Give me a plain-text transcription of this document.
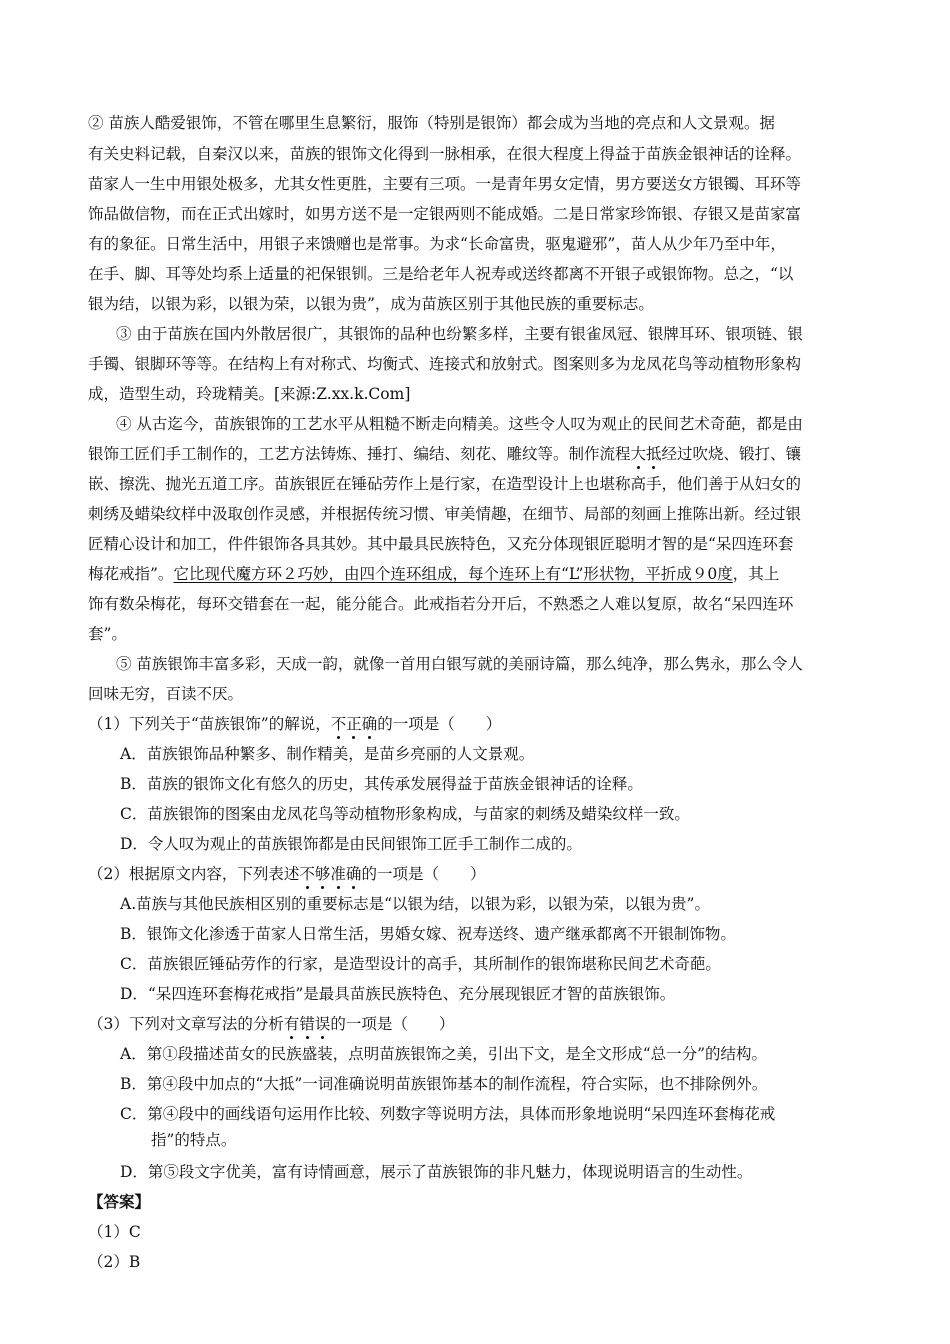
② 苗族人酷爱银饰，不管在哪里生息繁衍，服饰（特别是银饰）都会成为当地的亮点和人文景观。据
有关史料记载，自秦汉以来，苗族的银饰文化得到一脉相承，在很大程度上得益于苗族金银神话的诠释。
苗家人一生中用银处极多，尤其女性更胜，主要有三项。一是青年男女定情，男方要送女方银镯、耳环等
饰品做信物，而在正式出嫁时，如男方送不是一定银两则不能成婚。二是日常家珍饰银、存银又是苗家富
有的象征。日常生活中，用银子来馈赠也是常事。为求“长命富贵，驱鬼避邪”，苗人从少年乃至中年，
在手、脚、耳等处均系上适量的祀保银钏。三是给老年人祝寿或送终都离不开银子或银饰物。总之，“以
银为结，以银为彩，以银为荣，以银为贵”，成为苗族区别于其他民族的重要标志。
③ 由于苗族在国内外散居很广，其银饰的品种也纷繁多样，主要有银雀凤冠、银牌耳环、银项链、银
手镯、银脚环等等。在结构上有对称式、均衡式、连接式和放射式。图案则多为龙凤花鸟等动植物形象构
成，造型生动，玲珑精美。[来源:Z.xx.k.Com]
④ 从古迄今，苗族银饰的工艺水平从粗糙不断走向精美。这些令人叹为观止的民间艺术奇葩，都是由
银饰工匠们手工制作的，工艺方法铸炼、捶打、编结、刻花、雕纹等。制作流程大抵经过吹烧、锻打、镶
嵌、擦洗、抛光五道工序。苗族银匠在锤砧劳作上是行家，在造型设计上也堪称高手，他们善于从妇女的
刺绣及蜡染纹样中汲取创作灵感，并根据传统习惯、审美情趣，在细节、局部的刻画上推陈出新。经过银
匠精心设计和加工，件件银饰各具其妙。其中最具民族特色，又充分体现银匠聪明才智的是“呆四连环套
梅花戒指”。它比现代魔方环２巧妙，由四个连环组成，每个连环上有“L”形状物，平折成９0度，其上
饰有数朵梅花，每环交错套在一起，能分能合。此戒指若分开后，不熟悉之人难以复原，故名“呆四连环
套”。
⑤ 苗族银饰丰富多彩，天成一韵，就像一首用白银写就的美丽诗篇，那么纯净，那么隽永，那么令人
回味无穷，百读不厌。
（1）下列关于“苗族银饰”的解说，不正确的一项是（　　）
A．苗族银饰品种繁多、制作精美，是苗乡亮丽的人文景观。
B．苗族的银饰文化有悠久的历史，其传承发展得益于苗族金银神话的诠释。
C．苗族银饰的图案由龙凤花鸟等动植物形象构成，与苗家的刺绣及蜡染纹样一致。
D．令人叹为观止的苗族银饰都是由民间银饰工匠手工制作二成的。
（2）根据原文内容，下列表述不够准确的一项是（　　）
A.苗族与其他民族相区别的重要标志是“以银为结，以银为彩，以银为荣，以银为贵”。
B．银饰文化渗透于苗家人日常生活，男婚女嫁、祝寿送终、遗产继承都离不开银制饰物。
C．苗族银匠锤砧劳作的行家，是造型设计的高手，其所制作的银饰堪称民间艺术奇葩。
D．“呆四连环套梅花戒指”是最具苗族民族特色、充分展现银匠才智的苗族银饰。
（3）下列对文章写法的分析有错误的一项是（　　）
A．第①段描述苗女的民族盛装，点明苗族银饰之美，引出下文，是全文形成“总一分”的结构。
B．第④段中加点的“大抵”一词准确说明苗族银饰基本的制作流程，符合实际，也不排除例外。
C．第④段中的画线语句运用作比较、列数字等说明方法，具体而形象地说明“呆四连环套梅花戒
　　指”的特点。
D．第⑤段文字优美，富有诗情画意，展示了苗族银饰的非凡魅力，体现说明语言的生动性。
【答案】
（1）C
（2）B
